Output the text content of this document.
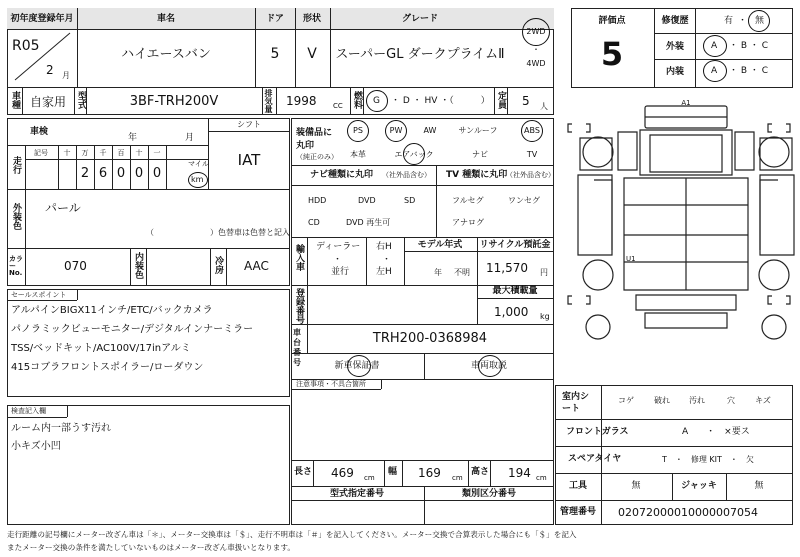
A1
U1
初年度登録年月
R05
2 月
車名
ハイエースバン
ドア
5
形状
V
グレード
スーパーGL ダークプライムⅡ
2WD
・
4WD
評価点
5
修復歴	有 ・ 無
外装	A ・ B ・ C
内装	A ・ B ・ C
車種 自家用 型式	3BF-TRH200V	排気量 1998 CC 燃料 G ・ D ・ HV ・（　　　） 定員 5 人
車検
年	月
シフト
IAT
走行
記号 十 万 千 百 十 一
2 6 0 0 0
マイル
km
外装色 パール
（　　　　　　　）色替車は色替と記入
カラーNo.	070	内装色	冷房 AAC
セールスポイント
アルパインBIGX11インチ/ETC/バックカメラ
パノラミックビューモニター/デジタルインナーミラー
TSS/ベッドキット/AC100V/17inアルミ
415コブラフロントスポイラー/ローダウン
検査記入欄
ルーム内一部うす汚れ
小キズ小凹
装備品に丸印
（純正のみ）
PS	PW	AW	サンルーフ	ABS
本革	エアバック	ナビ	TV
ナビ種類に丸印 （社外品含む）
HDD	DVD	SD
CD	DVD 再生可
TV 種類に丸印
（社外品含む）
フルセグ	ワンセグ
アナログ
輸入車 ディーラー
・
並行
右H
・
左H
モデル年式
年 不明
リサイクル預託金
11,570 円
登録番号	最大積載量
1,000 kg
車台番号
TRH200-0368984
新車保証書	車両取説
注意事項・不具合箇所
長さ 469 cm
幅 169 cm
高さ 194 cm
型式指定番号	類別区分番号
室内シート
コゲ	破れ 汚れ	穴	キズ
フロントガラス	A　　・　×要ス
スペアタイヤ	T　・　修理 KIT　・　欠
工具	無	ジャッキ	無
管理番号 02072000010000007054
走行距離の記号欄にメーター改ざん車は「＊」、メーター交換車は「＄」、走行不明車は「＃」を記入してください。メーター交換で合算表示した場合にも「＄」を記入
またメーター交換の条件を満たしていないものはメーター改ざん車扱いとなります。
